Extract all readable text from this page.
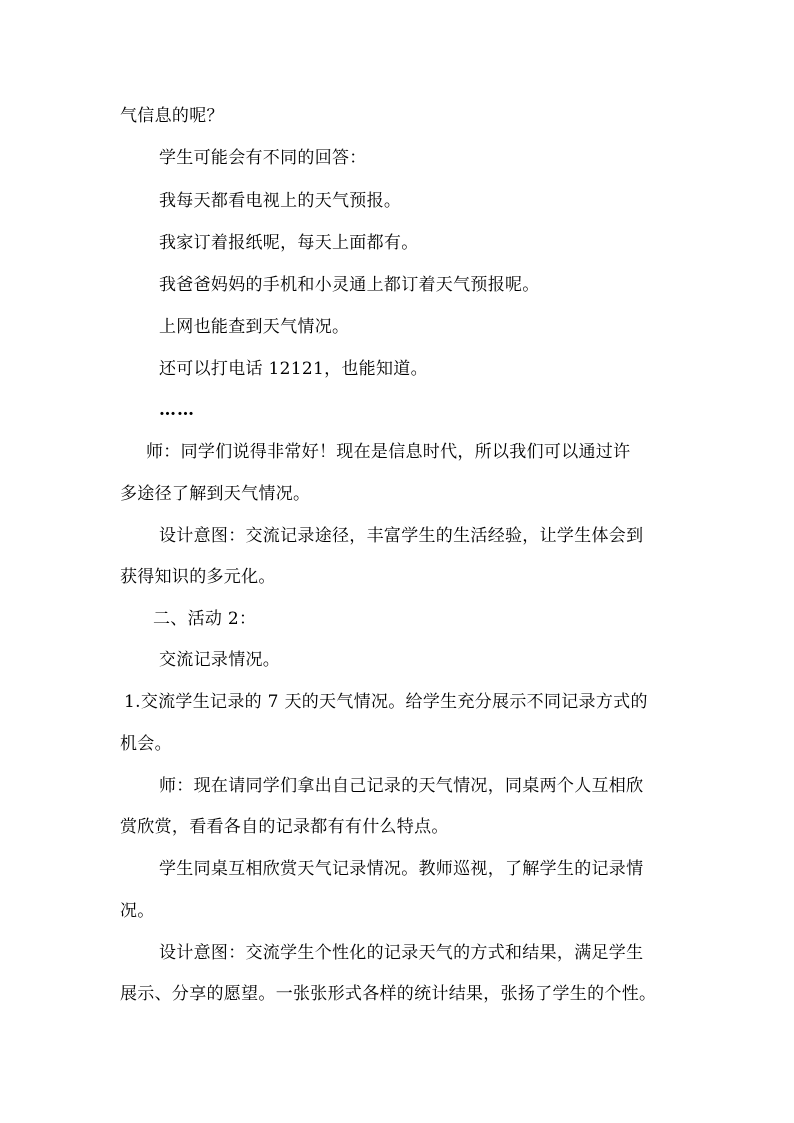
气信息的呢？
学生可能会有不同的回答：
我每天都看电视上的天气预报。
我家订着报纸呢，每天上面都有。
我爸爸妈妈的手机和小灵通上都订着天气预报呢。
上网也能查到天气情况。
还可以打电话 12121，也能知道。
……
师：同学们说得非常好！现在是信息时代，所以我们可以通过许
多途径了解到天气情况。
设计意图：交流记录途径，丰富学生的生活经验，让学生体会到
获得知识的多元化。
二、活动 2：
交流记录情况。
1.交流学生记录的 7 天的天气情况。给学生充分展示不同记录方式的
机会。
师：现在请同学们拿出自己记录的天气情况，同桌两个人互相欣
赏欣赏，看看各自的记录都有有什么特点。
学生同桌互相欣赏天气记录情况。教师巡视，了解学生的记录情
况。
设计意图：交流学生个性化的记录天气的方式和结果，满足学生
展示、分享的愿望。一张张形式各样的统计结果，张扬了学生的个性。
